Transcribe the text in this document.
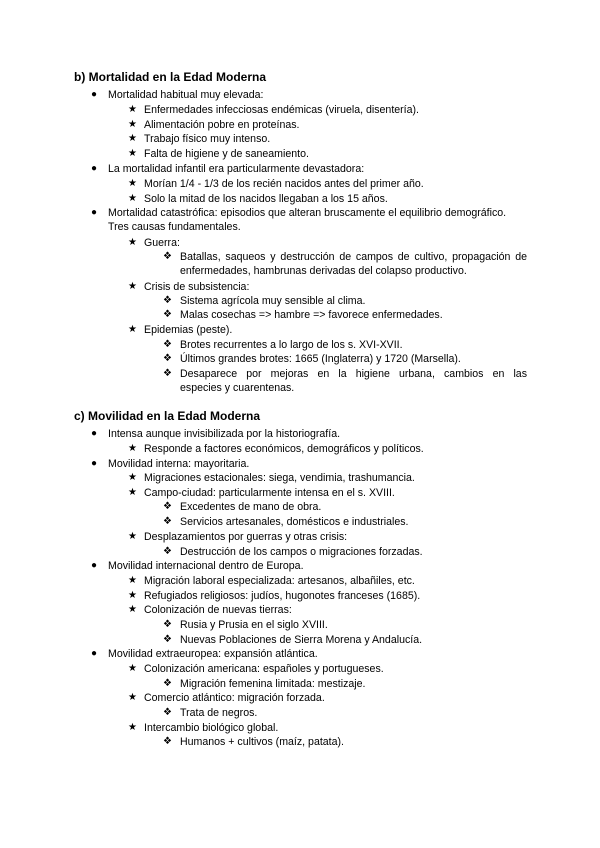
b) Mortalidad en la Edad Moderna
● Mortalidad habitual muy elevada:
★ Enfermedades infecciosas endémicas (viruela, disentería).
★ Alimentación pobre en proteínas.
★ Trabajo físico muy intenso.
★ Falta de higiene y de saneamiento.
● La mortalidad infantil era particularmente devastadora:
★ Morían 1/4 - 1/3 de los recién nacidos antes del primer año.
★ Solo la mitad de los nacidos llegaban a los 15 años.
● Mortalidad catastrófica: episodios que alteran bruscamente el equilibrio demográfico.
Tres causas fundamentales.
★ Guerra:
❖ Batallas, saqueos y destrucción de campos de cultivo, propagación de
enfermedades, hambrunas derivadas del colapso productivo.
★ Crisis de subsistencia:
❖ Sistema agrícola muy sensible al clima.
❖ Malas cosechas => hambre => favorece enfermedades.
★ Epidemias (peste).
❖ Brotes recurrentes a lo largo de los s. XVI-XVII.
❖ Últimos grandes brotes: 1665 (Inglaterra) y 1720 (Marsella).
❖ Desaparece por mejoras en la higiene urbana, cambios en las
especies y cuarentenas.
c) Movilidad en la Edad Moderna
● Intensa aunque invisibilizada por la historiografía.
★ Responde a factores económicos, demográficos y políticos.
● Movilidad interna: mayoritaria.
★ Migraciones estacionales: siega, vendimia, trashumancia.
★ Campo-ciudad: particularmente intensa en el s. XVIII.
❖ Excedentes de mano de obra.
❖ Servicios artesanales, domésticos e industriales.
★ Desplazamientos por guerras y otras crisis:
❖ Destrucción de los campos o migraciones forzadas.
● Movilidad internacional dentro de Europa.
★ Migración laboral especializada: artesanos, albañiles, etc.
★ Refugiados religiosos: judíos, hugonotes franceses (1685).
★ Colonización de nuevas tierras:
❖ Rusia y Prusia en el siglo XVIII.
❖ Nuevas Poblaciones de Sierra Morena y Andalucía.
● Movilidad extraeuropea: expansión atlántica.
★ Colonización americana: españoles y portugueses.
❖ Migración femenina limitada: mestizaje.
★ Comercio atlántico: migración forzada.
❖ Trata de negros.
★ Intercambio biológico global.
❖ Humanos + cultivos (maíz, patata).
